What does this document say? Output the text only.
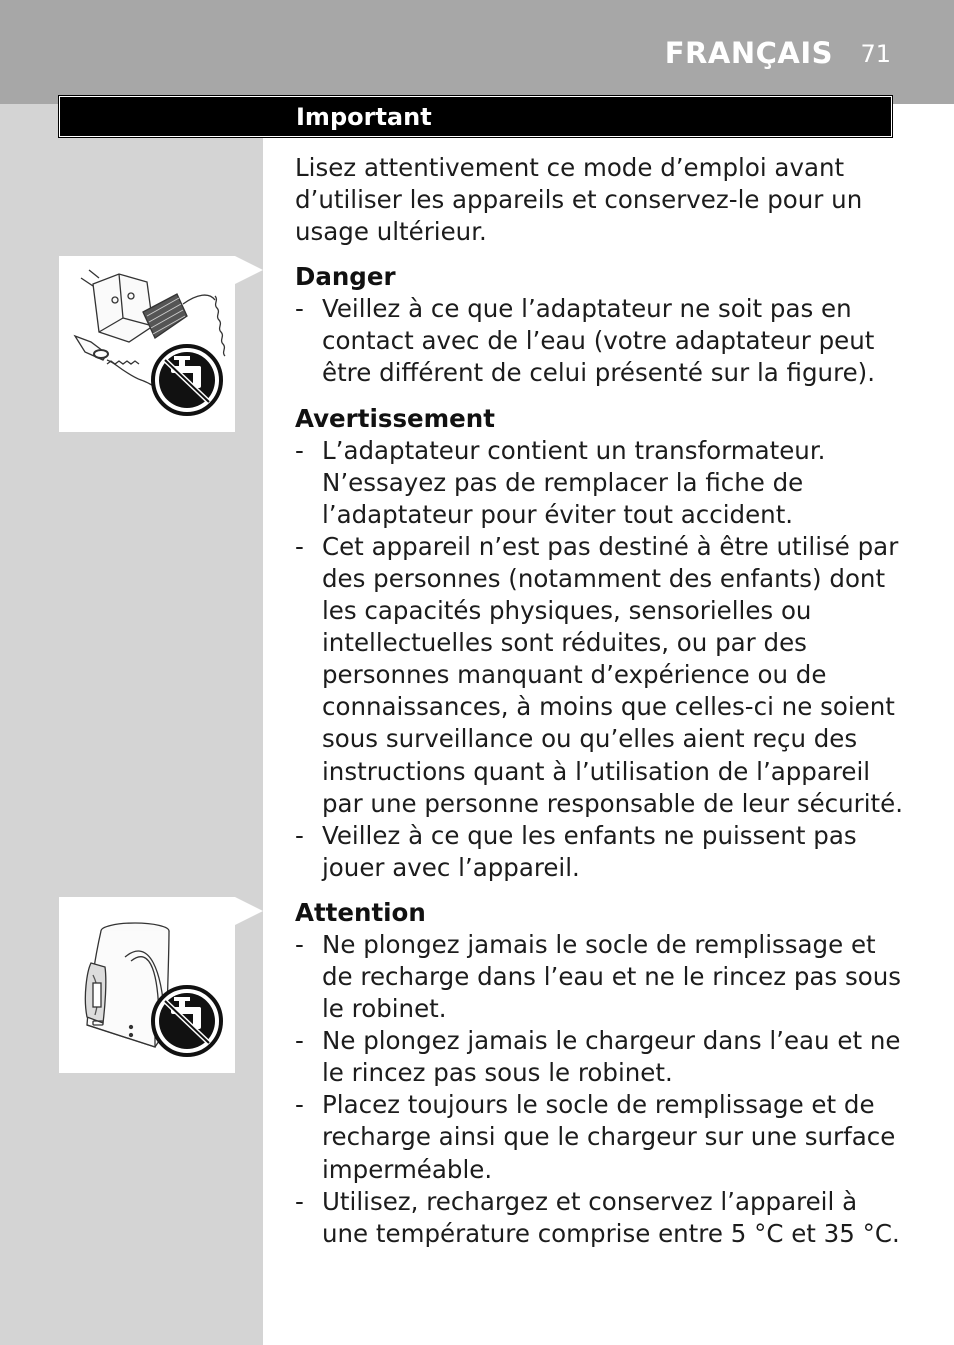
FRANÇAIS 71
Important

Lisez attentivement ce mode d’emploi avant d’utiliser les appareils et conservez-le pour un usage ultérieur.

Danger
- Veillez à ce que l’adaptateur ne soit pas en contact avec de l’eau (votre adaptateur peut être différent de celui présenté sur la figure).
Avertissement
- L’adaptateur contient un transformateur. N’essayez pas de remplacer la fiche de l’adaptateur pour éviter tout accident.
- Cet appareil n’est pas destiné à être utilisé par des personnes (notamment des enfants) dont les capacités physiques, sensorielles ou intellectuelles sont réduites, ou par des personnes manquant d’expérience ou de connaissances, à moins que celles-ci ne soient sous surveillance ou qu’elles aient reçu des instructions quant à l’utilisation de l’appareil par une personne responsable de leur sécurité.
- Veillez à ce que les enfants ne puissent pas jouer avec l’appareil.
Attention
- Ne plongez jamais le socle de remplissage et de recharge dans l’eau et ne le rincez pas sous le robinet.
- Ne plongez jamais le chargeur dans l’eau et ne le rincez pas sous le robinet.
- Placez toujours le socle de remplissage et de recharge ainsi que le chargeur sur une surface imperméable.
- Utilisez, rechargez et conservez l’appareil à une température comprise entre 5 °C et 35 °C.
